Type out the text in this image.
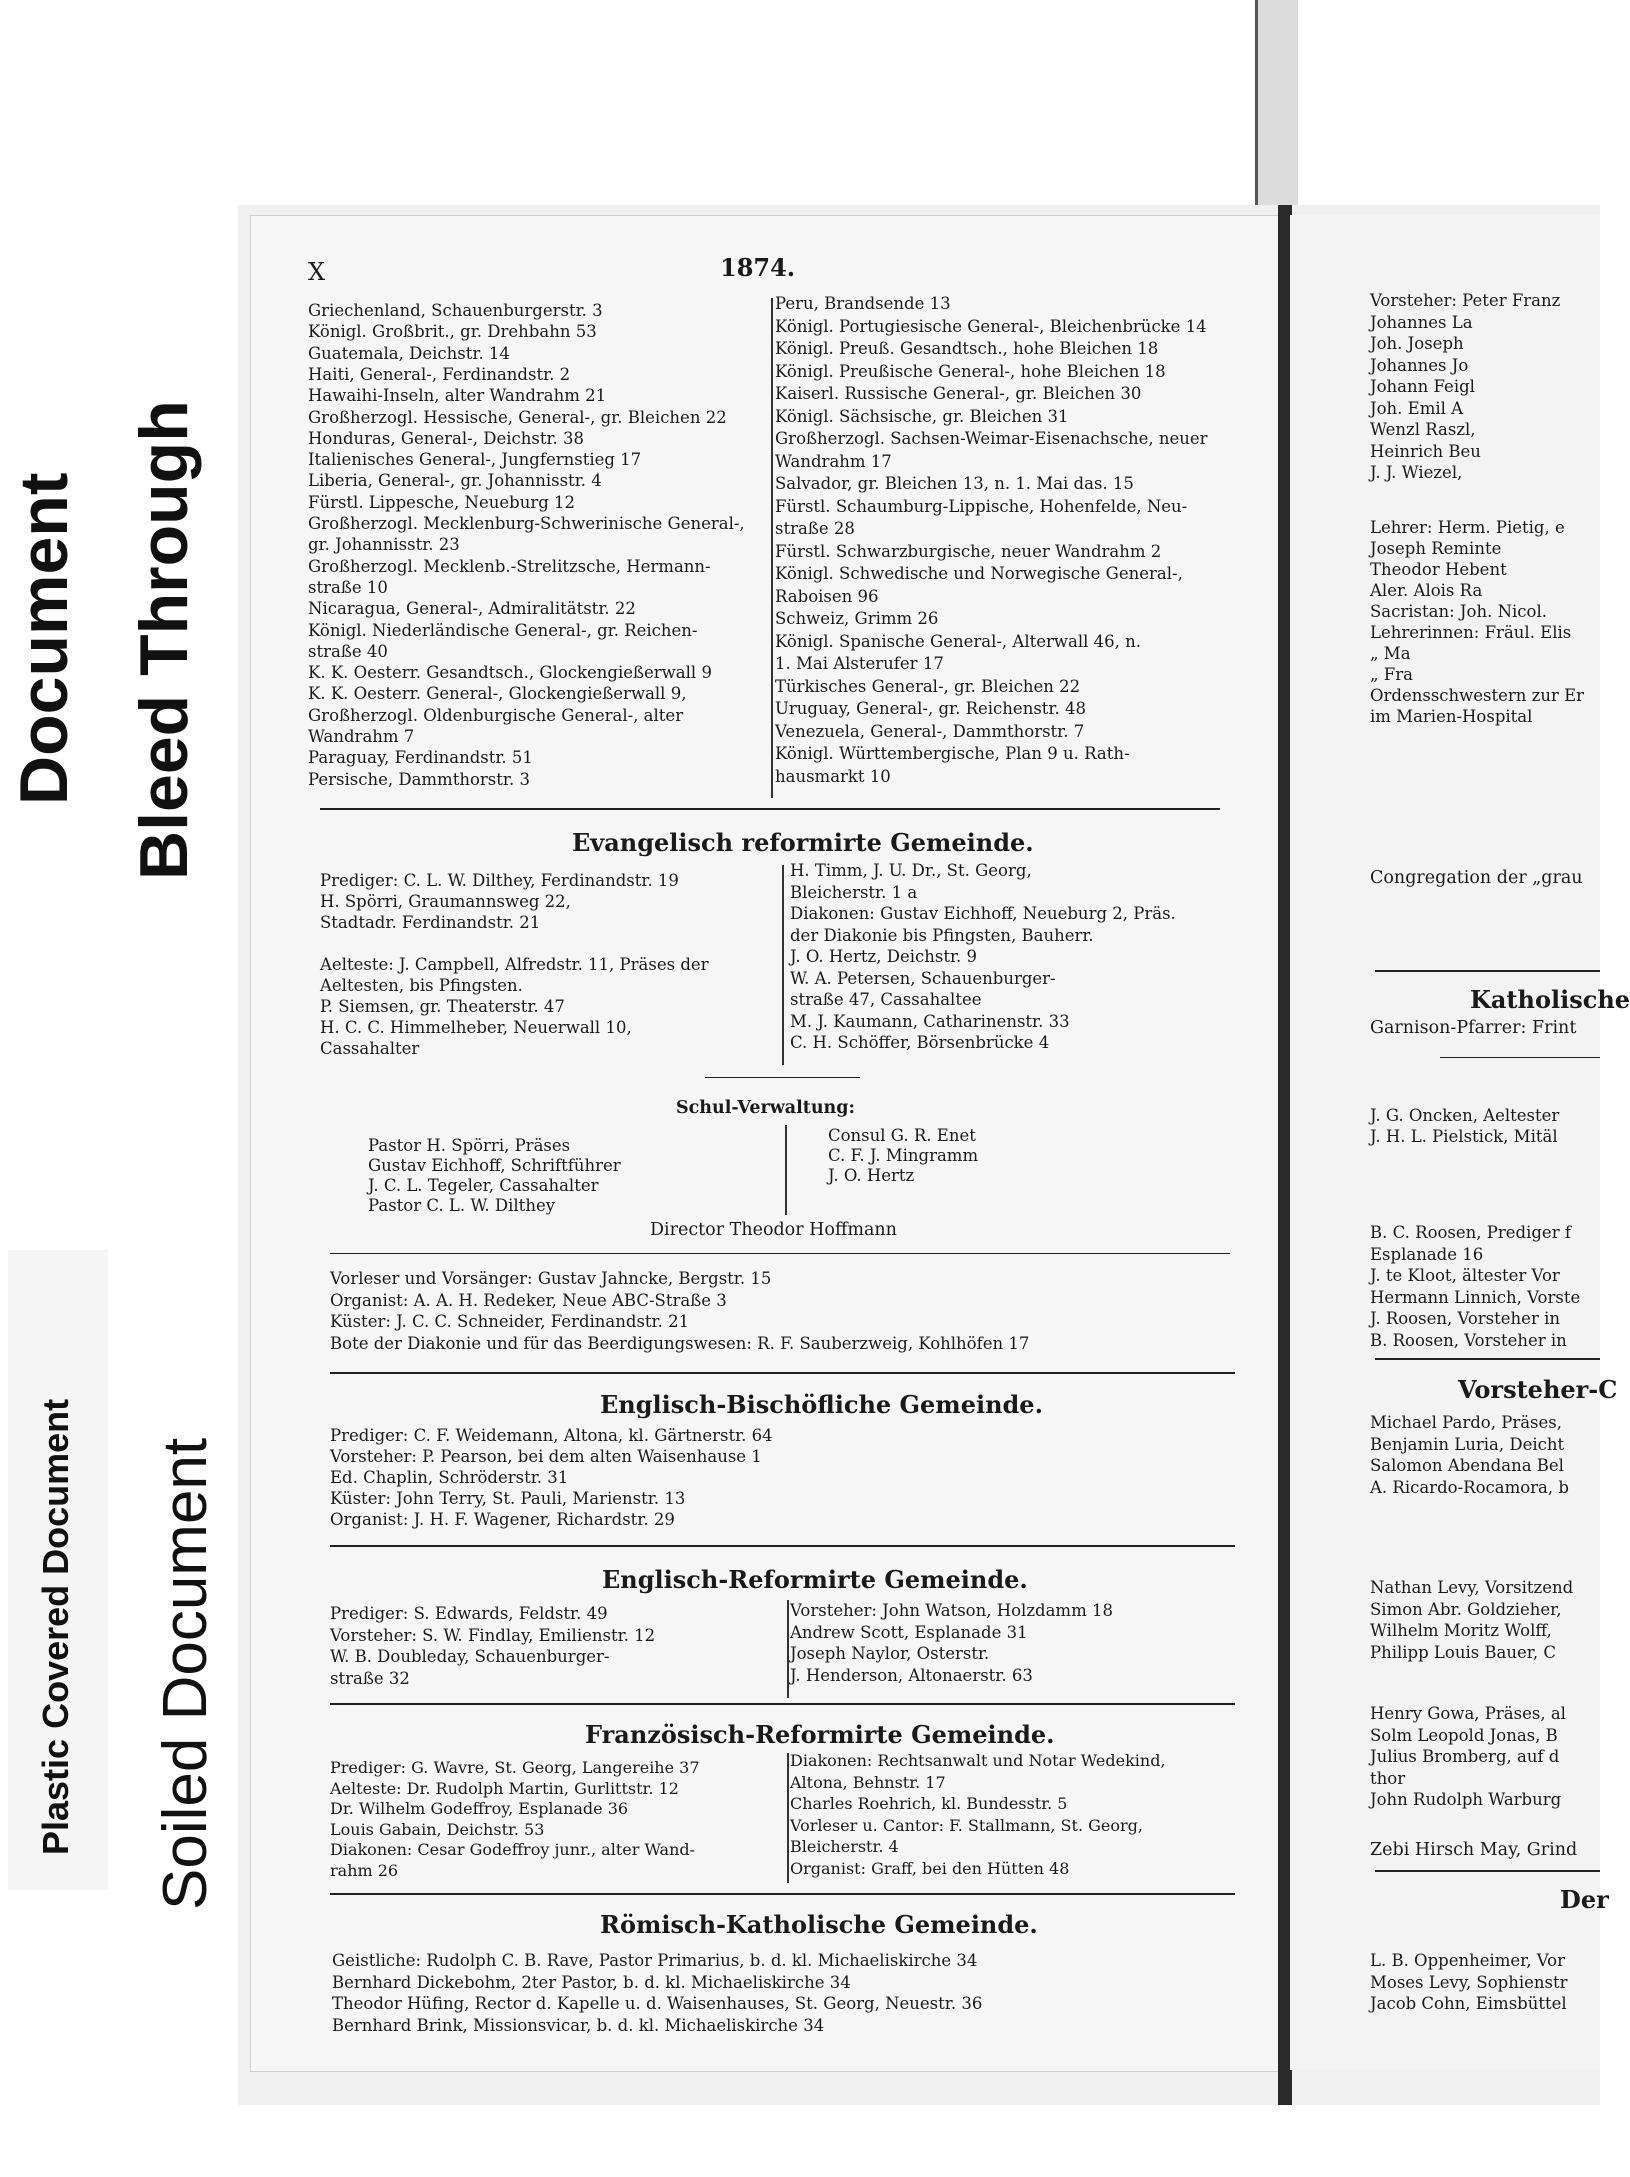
Document Bleed Through
Plastic Covered Document Soiled Document
X	1874.
Griechenland, Schauenburgerstr. 3
Königl. Großbrit., gr. Drehbahn 53
Guatemala, Deichstr. 14
Haiti, General-, Ferdinandstr. 2
Hawaihi-Inseln, alter Wandrahm 21
Großherzogl. Hessische, General-, gr. Bleichen 22
Honduras, General-, Deichstr. 38
Italienisches General-, Jungfernstieg 17
Liberia, General-, gr. Johannisstr. 4
Fürstl. Lippesche, Neueburg 12
Großherzogl. Mecklenburg-Schwerinische General-,
gr. Johannisstr. 23
Großherzogl. Mecklenb.-Strelitzsche, Hermann-
straße 10
Nicaragua, General-, Admiralitätstr. 22
Königl. Niederländische General-, gr. Reichen-
straße 40
K. K. Oesterr. Gesandtsch., Glockengießerwall 9
K. K. Oesterr. General-, Glockengießerwall 9,
Großherzogl. Oldenburgische General-, alter
Wandrahm 7
Paraguay, Ferdinandstr. 51
Persische, Dammthorstr. 3
Peru, Brandsende 13
Königl. Portugiesische General-, Bleichenbrücke 14
Königl. Preuß. Gesandtsch., hohe Bleichen 18
Königl. Preußische General-, hohe Bleichen 18
Kaiserl. Russische General-, gr. Bleichen 30
Königl. Sächsische, gr. Bleichen 31
Großherzogl. Sachsen-Weimar-Eisenachsche, neuer
Wandrahm 17
Salvador, gr. Bleichen 13, n. 1. Mai das. 15
Fürstl. Schaumburg-Lippische, Hohenfelde, Neu-
straße 28
Fürstl. Schwarzburgische, neuer Wandrahm 2
Königl. Schwedische und Norwegische General-,
Raboisen 96
Schweiz, Grimm 26
Königl. Spanische General-, Alterwall 46, n.
1. Mai Alsterufer 17
Türkisches General-, gr. Bleichen 22
Uruguay, General-, gr. Reichenstr. 48
Venezuela, General-, Dammthorstr. 7
Königl. Württembergische, Plan 9 u. Rath-
hausmarkt 10
Evangelisch reformirte Gemeinde.
Prediger: C. L. W. Dilthey, Ferdinandstr. 19
H. Spörri, Graumannsweg 22,
Stadtadr. Ferdinandstr. 21
Aelteste: J. Campbell, Alfredstr. 11, Präses der
Aeltesten, bis Pfingsten.
P. Siemsen, gr. Theaterstr. 47
H. C. C. Himmelheber, Neuerwall 10,
Cassahalter
H. Timm, J. U. Dr., St. Georg,
Bleicherstr. 1 a
Diakonen: Gustav Eichhoff, Neueburg 2, Präs.
der Diakonie bis Pfingsten, Bauherr.
J. O. Hertz, Deichstr. 9
W. A. Petersen, Schauenburger-
straße 47, Cassahaltee
M. J. Kaumann, Catharinenstr. 33
C. H. Schöffer, Börsenbrücke 4
Schul-Verwaltung:
Pastor H. Spörri, Präses
Gustav Eichhoff, Schriftführer
J. C. L. Tegeler, Cassahalter
Pastor C. L. W. Dilthey
Consul G. R. Enet
C. F. J. Mingramm
J. O. Hertz
Director Theodor Hoffmann
Vorleser und Vorsänger: Gustav Jahncke, Bergstr. 15
Organist: A. A. H. Redeker, Neue ABC-Straße 3
Küster: J. C. C. Schneider, Ferdinandstr. 21
Bote der Diakonie und für das Beerdigungswesen: R. F. Sauberzweig, Kohlhöfen 17
Englisch-Bischöfliche Gemeinde.
Prediger: C. F. Weidemann, Altona, kl. Gärtnerstr. 64
Vorsteher: P. Pearson, bei dem alten Waisenhause 1
Ed. Chaplin, Schröderstr. 31
Küster: John Terry, St. Pauli, Marienstr. 13
Organist: J. H. F. Wagener, Richardstr. 29
Englisch-Reformirte Gemeinde.
Prediger: S. Edwards, Feldstr. 49
Vorsteher: S. W. Findlay, Emilienstr. 12
W. B. Doubleday, Schauenburger-
straße 32
Vorsteher: John Watson, Holzdamm 18
Andrew Scott, Esplanade 31
Joseph Naylor, Osterstr.
J. Henderson, Altonaerstr. 63
Französisch-Reformirte Gemeinde.
Prediger: G. Wavre, St. Georg, Langereihe 37
Aelteste: Dr. Rudolph Martin, Gurlittstr. 12
Dr. Wilhelm Godeffroy, Esplanade 36
Louis Gabain, Deichstr. 53
Diakonen: Cesar Godeffroy junr., alter Wand-
rahm 26
Diakonen: Rechtsanwalt und Notar Wedekind,
Altona, Behnstr. 17
Charles Roehrich, kl. Bundesstr. 5
Vorleser u. Cantor: F. Stallmann, St. Georg,
Bleicherstr. 4
Organist: Graff, bei den Hütten 48
Römisch-Katholische Gemeinde.
Geistliche: Rudolph C. B. Rave, Pastor Primarius, b. d. kl. Michaeliskirche 34
Bernhard Dickebohm, 2ter Pastor, b. d. kl. Michaeliskirche 34
Theodor Hüfing, Rector d. Kapelle u. d. Waisenhauses, St. Georg, Neuestr. 36
Bernhard Brink, Missionsvicar, b. d. kl. Michaeliskirche 34
Vorsteher: Peter Franz
Johannes La
Joh. Joseph
Johannes Jo
Johann Feigl
Joh. Emil A
Wenzl Raszl,
Heinrich Beu
J. J. Wiezel,
Lehrer: Herm. Pietig, e
Joseph Reminte
Theodor Hebent
Aler. Alois Ra
Sacristan: Joh. Nicol.
Lehrerinnen: Fräul. Elis
„ Ma
„ Fra
Ordensschwestern zur Er
im Marien-Hospital
Congregation der „grau
Katholische
Garnison-Pfarrer: Frint
J. G. Oncken, Aeltester
J. H. L. Pielstick, Mitäl
B. C. Roosen, Prediger f
Esplanade 16
J. te Kloot, ältester Vor
Hermann Linnich, Vorste
J. Roosen, Vorsteher in
B. Roosen, Vorsteher in
Vorsteher-C
Michael Pardo, Präses,
Benjamin Luria, Deicht
Salomon Abendana Bel
A. Ricardo-Rocamora, b
Nathan Levy, Vorsitzend
Simon Abr. Goldzieher,
Wilhelm Moritz Wolff,
Philipp Louis Bauer, C
Henry Gowa, Präses, al
Solm Leopold Jonas, B
Julius Bromberg, auf d
thor
John Rudolph Warburg
Zebi Hirsch May, Grind
Der
L. B. Oppenheimer, Vor
Moses Levy, Sophienstr
Jacob Cohn, Eimsbüttel
